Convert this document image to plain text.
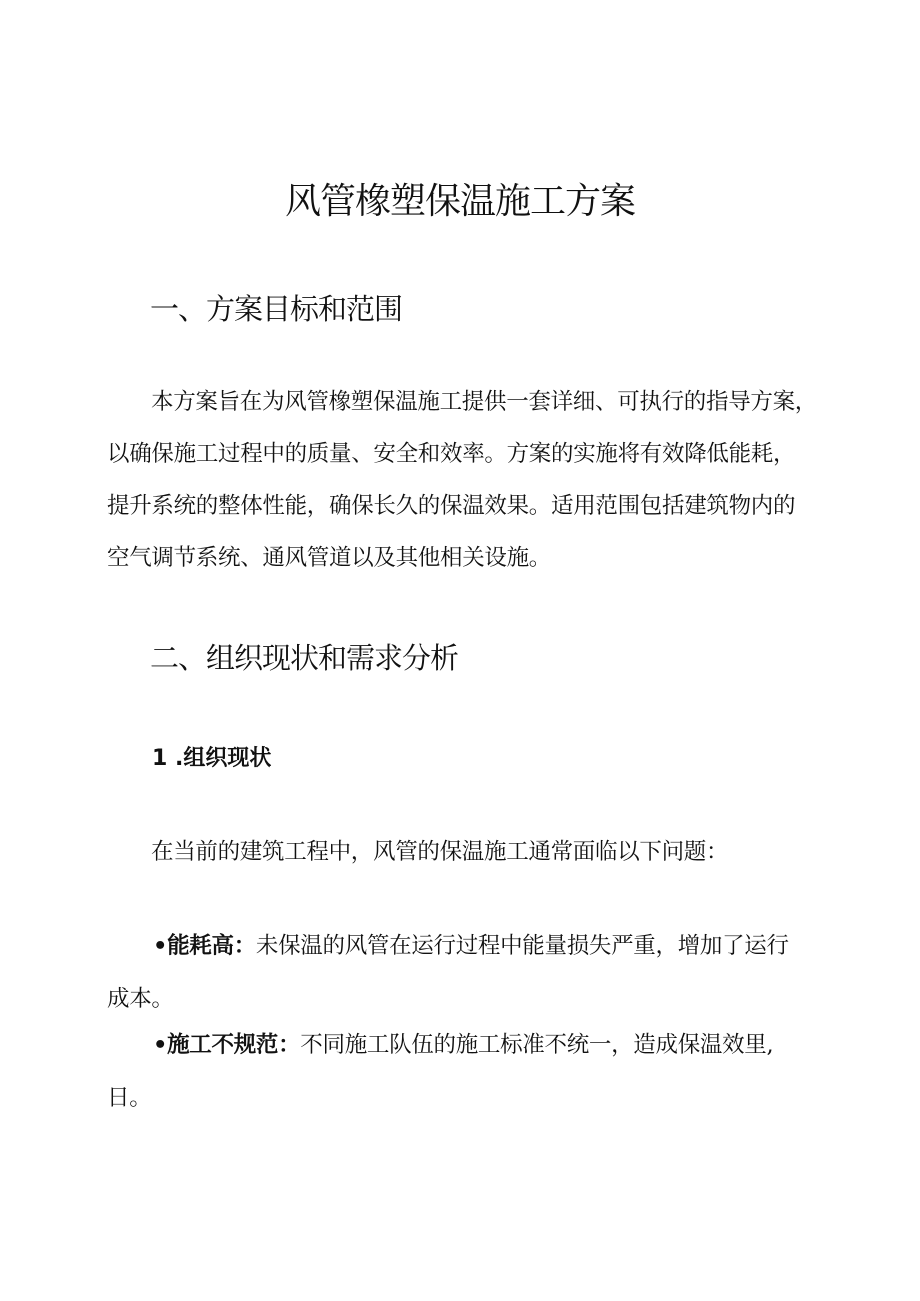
风管橡塑保温施工方案
一、方案目标和范围

本方案旨在为风管橡塑保温施工提供一套详细、可执行的指导方案，

以确保施工过程中的质量、安全和效率。方案的实施将有效降低能耗，

提升系统的整体性能，确保长久的保温效果。适用范围包括建筑物内的

空气调节系统、通风管道以及其他相关设施。

二、组织现状和需求分析
1 .组织现状

在当前的建筑工程中，风管的保温施工通常面临以下问题：

•能耗高：未保温的风管在运行过程中能量损失严重，增加了运行

成本。

•施工不规范：不同施工队伍的施工标准不统一，造成保温效里,

日。
